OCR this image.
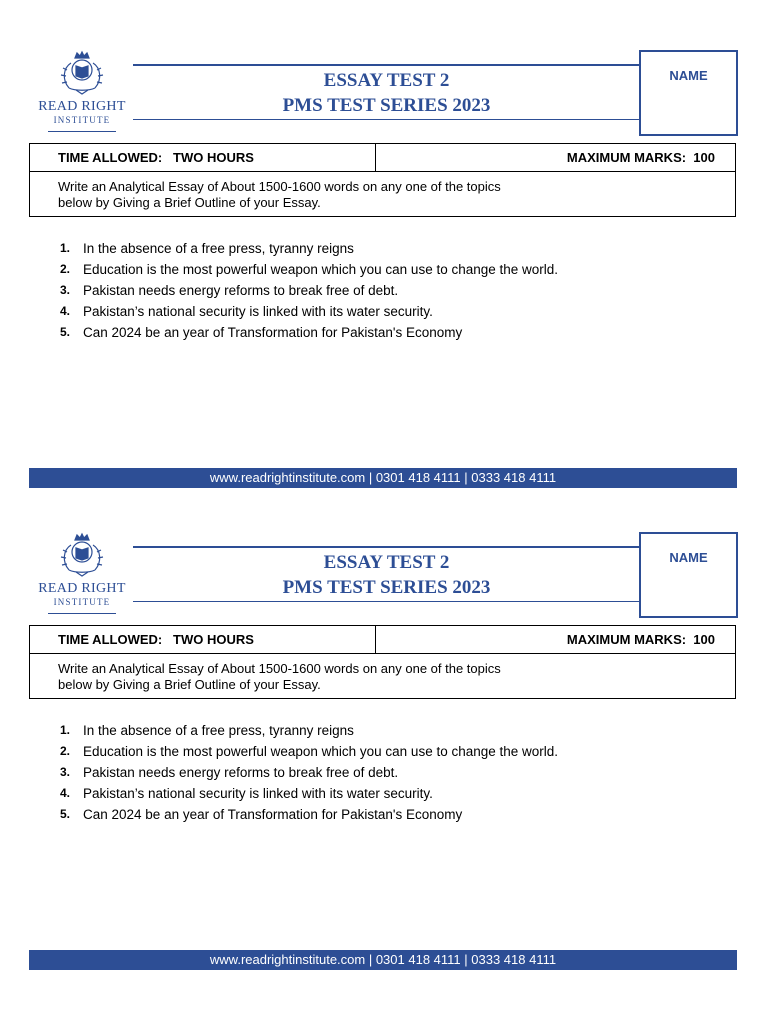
READ RIGHT
INSTITUTE
ESSAY TEST 2
PMS TEST SERIES 2023
NAME
TIME ALLOWED:   TWO HOURS	MAXIMUM MARKS:  100
Write an Analytical Essay of About 1500-1600 words on any one of the topics
below by Giving a Brief Outline of your Essay.
1. In the absence of a free press, tyranny reigns
2. Education is the most powerful weapon which you can use to change the world.
3. Pakistan needs energy reforms to break free of debt.
4. Pakistan’s national security is linked with its water security.
5. Can 2024 be an year of Transformation for Pakistan's Economy
www.readrightinstitute.com | 0301 418 4111 | 0333 418 4111
READ RIGHT
INSTITUTE
ESSAY TEST 2
PMS TEST SERIES 2023
NAME
TIME ALLOWED:   TWO HOURS	MAXIMUM MARKS:  100
Write an Analytical Essay of About 1500-1600 words on any one of the topics
below by Giving a Brief Outline of your Essay.
1. In the absence of a free press, tyranny reigns
2. Education is the most powerful weapon which you can use to change the world.
3. Pakistan needs energy reforms to break free of debt.
4. Pakistan’s national security is linked with its water security.
5. Can 2024 be an year of Transformation for Pakistan's Economy
www.readrightinstitute.com | 0301 418 4111 | 0333 418 4111
